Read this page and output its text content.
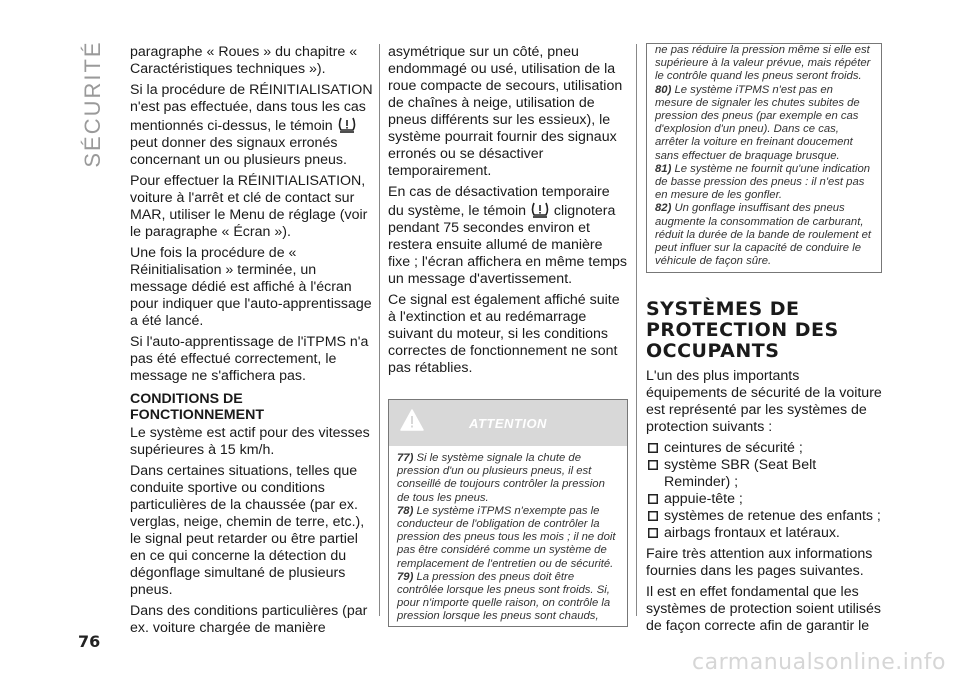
SÉCURITÉ paragraphe « Roues » du chapitre « Caractéristiques techniques »).

Si la procédure de RÉINITIALISATION n'est pas effectuée, dans tous les cas mentionnés ci-dessus, le témoin  peut donner des signaux erronés concernant un ou plusieurs pneus.

Pour effectuer la RÉINITIALISATION, voiture à l'arrêt et clé de contact sur MAR, utiliser le Menu de réglage (voir le paragraphe « Écran »).

Une fois la procédure de « Réinitialisation » terminée, un message dédié est affiché à l'écran pour indiquer que l'auto-apprentissage a été lancé.

Si l'auto-apprentissage de l'iTPMS n'a pas été effectué correctement, le message ne s'affichera pas.

CONDITIONS DE FONCTIONNEMENT

Le système est actif pour des vitesses supérieures à 15 km/h.

Dans certaines situations, telles que conduite sportive ou conditions particulières de la chaussée (par ex. verglas, neige, chemin de terre, etc.), le signal peut retarder ou être partiel en ce qui concerne la détection du dégonflage simultané de plusieurs pneus.

Dans des conditions particulières (par ex. voiture chargée de manière

asymétrique sur un côté, pneu endommagé ou usé, utilisation de la roue compacte de secours, utilisation de chaînes à neige, utilisation de pneus différents sur les essieux), le système pourrait fournir des signaux erronés ou se désactiver temporairement.

En cas de désactivation temporaire du système, le témoin clignotera pendant 75 secondes environ et restera ensuite allumé de manière fixe ; l'écran affichera en même temps un message d'avertissement.

Ce signal est également affiché suite à l'extinction et au redémarrage suivant du moteur, si les conditions correctes de fonctionnement ne sont pas rétablies.

ATTENTION
77) Si le système signale la chute de pression d'un ou plusieurs pneus, il est conseillé de toujours contrôler la pression de tous les pneus.
78) Le système iTPMS n'exempte pas le conducteur de l'obligation de contrôler la pression des pneus tous les mois ; il ne doit pas être considéré comme un système de remplacement de l'entretien ou de sécurité.
79) La pression des pneus doit être contrôlée lorsque les pneus sont froids. Si, pour n'importe quelle raison, on contrôle la pression lorsque les pneus sont chauds,
ne pas réduire la pression même si elle est supérieure à la valeur prévue, mais répéter le contrôle quand les pneus seront froids.
80) Le système iTPMS n'est pas en mesure de signaler les chutes subites de pression des pneus (par exemple en cas d'explosion d'un pneu). Dans ce cas, arrêter la voiture en freinant doucement sans effectuer de braquage brusque.
81) Le système ne fournit qu'une indication de basse pression des pneus : il n'est pas en mesure de les gonfler.
82) Un gonflage insuffisant des pneus augmente la consommation de carburant, réduit la durée de la bande de roulement et peut influer sur la capacité de conduire le véhicule de façon sûre.
SYSTÈMES DE PROTECTION DES OCCUPANTS

L'un des plus importants équipements de sécurité de la voiture est représenté par les systèmes de protection suivants :

ceintures de sécurité ;
système SBR (Seat Belt Reminder) ;
appuie-tête ;
systèmes de retenue des enfants ;
airbags frontaux et latéraux.

Faire très attention aux informations fournies dans les pages suivantes.

Il est en effet fondamental que les systèmes de protection soient utilisés de façon correcte afin de garantir le

76
carmanualsonline.info
